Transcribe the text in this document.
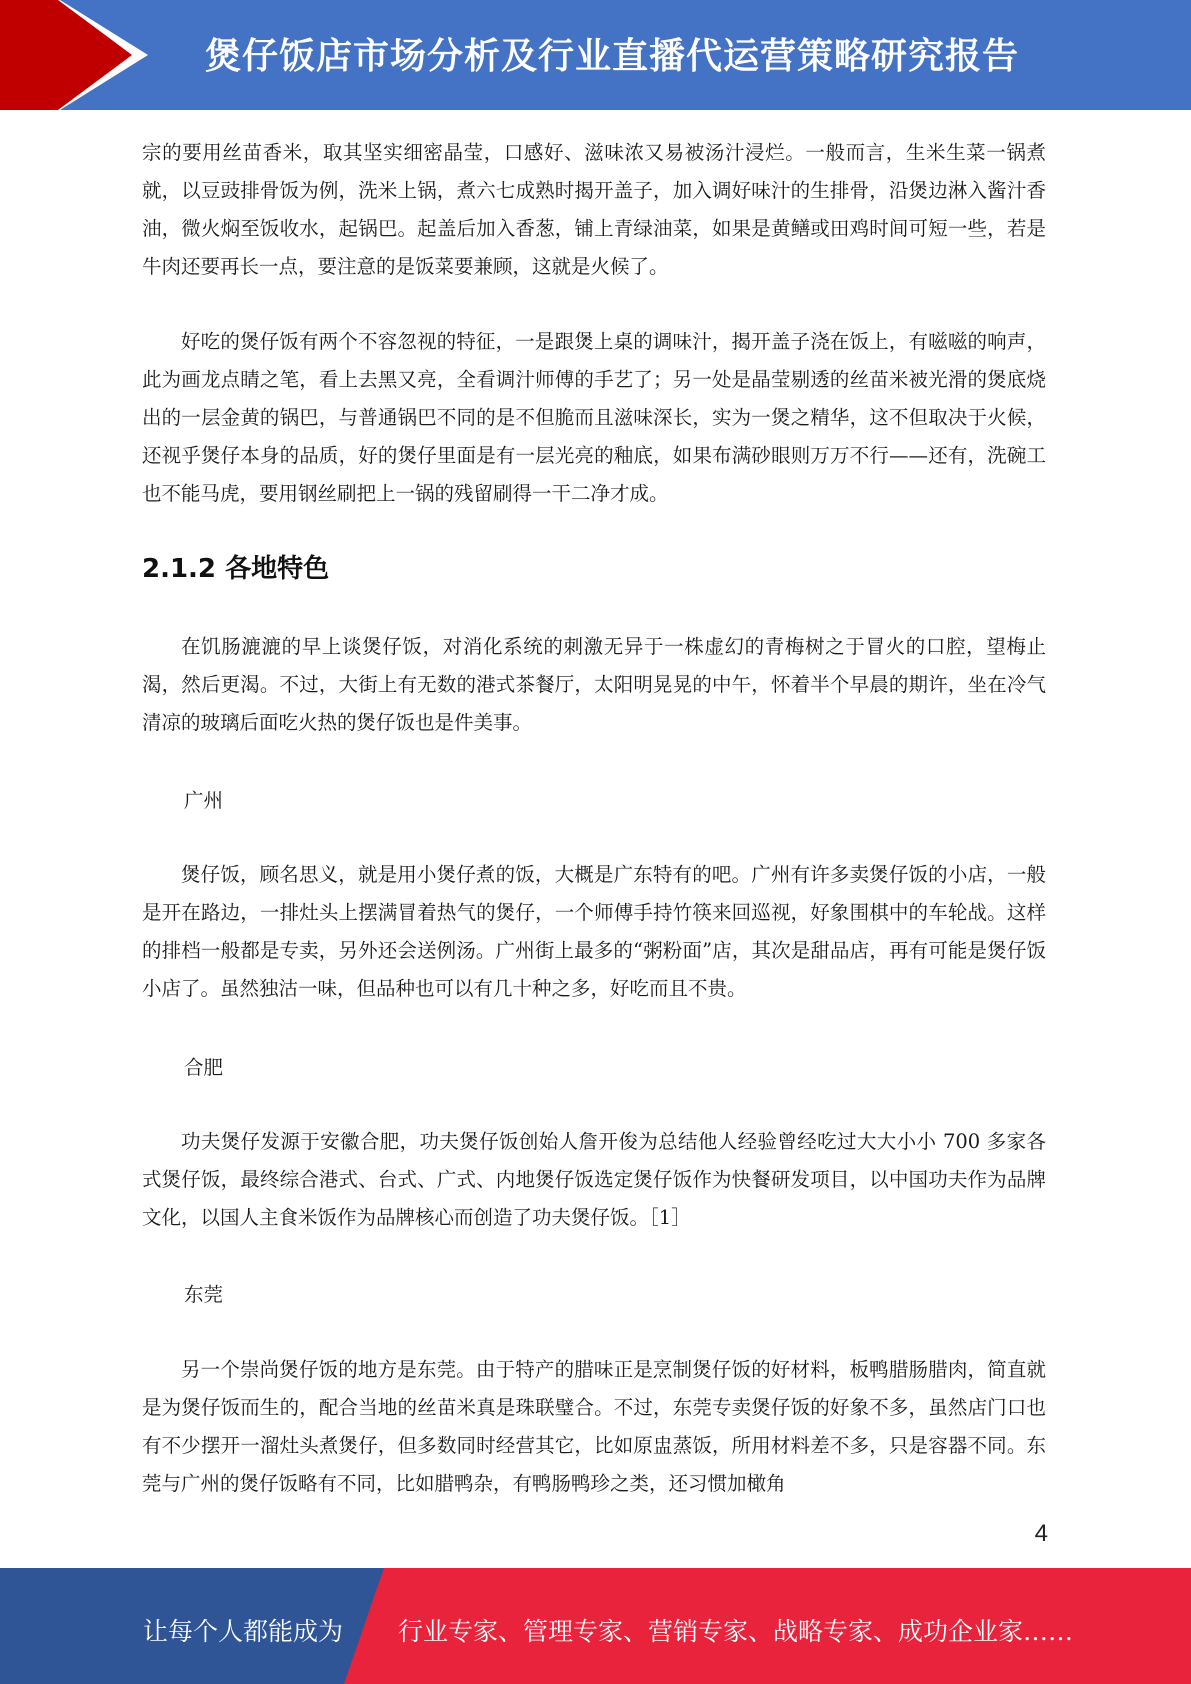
煲仔饭店市场分析及行业直播代运营策略研究报告

宗的要用丝苗香米，取其坚实细密晶莹，口感好、滋味浓又易被汤汁浸烂。一般而言，生米生菜一锅煮就，以豆豉排骨饭为例，洗米上锅，煮六七成熟时揭开盖子，加入调好味汁的生排骨，沿煲边淋入酱汁香油，微火焖至饭收水，起锅巴。起盖后加入香葱，铺上青绿油菜，如果是黄鳝或田鸡时间可短一些，若是牛肉还要再长一点，要注意的是饭菜要兼顾，这就是火候了。

好吃的煲仔饭有两个不容忽视的特征，一是跟煲上桌的调味汁，揭开盖子浇在饭上，有嗞嗞的响声，此为画龙点睛之笔，看上去黑又亮，全看调汁师傅的手艺了；另一处是晶莹剔透的丝苗米被光滑的煲底烧出的一层金黄的锅巴，与普通锅巴不同的是不但脆而且滋味深长，实为一煲之精华，这不但取决于火候，还视乎煲仔本身的品质，好的煲仔里面是有一层光亮的釉底，如果布满砂眼则万万不行——还有，洗碗工也不能马虎，要用钢丝刷把上一锅的残留刷得一干二净才成。

2.1.2 各地特色

在饥肠漉漉的早上谈煲仔饭，对消化系统的刺激无异于一株虚幻的青梅树之于冒火的口腔，望梅止渴，然后更渴。不过，大街上有无数的港式茶餐厅，太阳明晃晃的中午，怀着半个早晨的期许，坐在冷气清凉的玻璃后面吃火热的煲仔饭也是件美事。

广州

煲仔饭，顾名思义，就是用小煲仔煮的饭，大概是广东特有的吧。广州有许多卖煲仔饭的小店，一般是开在路边，一排灶头上摆满冒着热气的煲仔，一个师傅手持竹筷来回巡视，好象围棋中的车轮战。这样的排档一般都是专卖，另外还会送例汤。广州街上最多的“粥粉面”店，其次是甜品店，再有可能是煲仔饭小店了。虽然独沽一味，但品种也可以有几十种之多，好吃而且不贵。

合肥

功夫煲仔发源于安徽合肥，功夫煲仔饭创始人詹开俊为总结他人经验曾经吃过大大小小 700 多家各式煲仔饭，最终综合港式、台式、广式、内地煲仔饭选定煲仔饭作为快餐研发项目，以中国功夫作为品牌文化，以国人主食米饭作为品牌核心而创造了功夫煲仔饭。［1］

东莞

另一个崇尚煲仔饭的地方是东莞。由于特产的腊味正是烹制煲仔饭的好材料，板鸭腊肠腊肉，简直就是为煲仔饭而生的，配合当地的丝苗米真是珠联璧合。不过，东莞专卖煲仔饭的好象不多，虽然店门口也有不少摆开一溜灶头煮煲仔，但多数同时经营其它，比如原盅蒸饭，所用材料差不多，只是容器不同。东莞与广州的煲仔饭略有不同，比如腊鸭杂，有鸭肠鸭珍之类，还习惯加橄角

4
让每个人都能成为 行业专家、管理专家、营销专家、战略专家、成功企业家……
